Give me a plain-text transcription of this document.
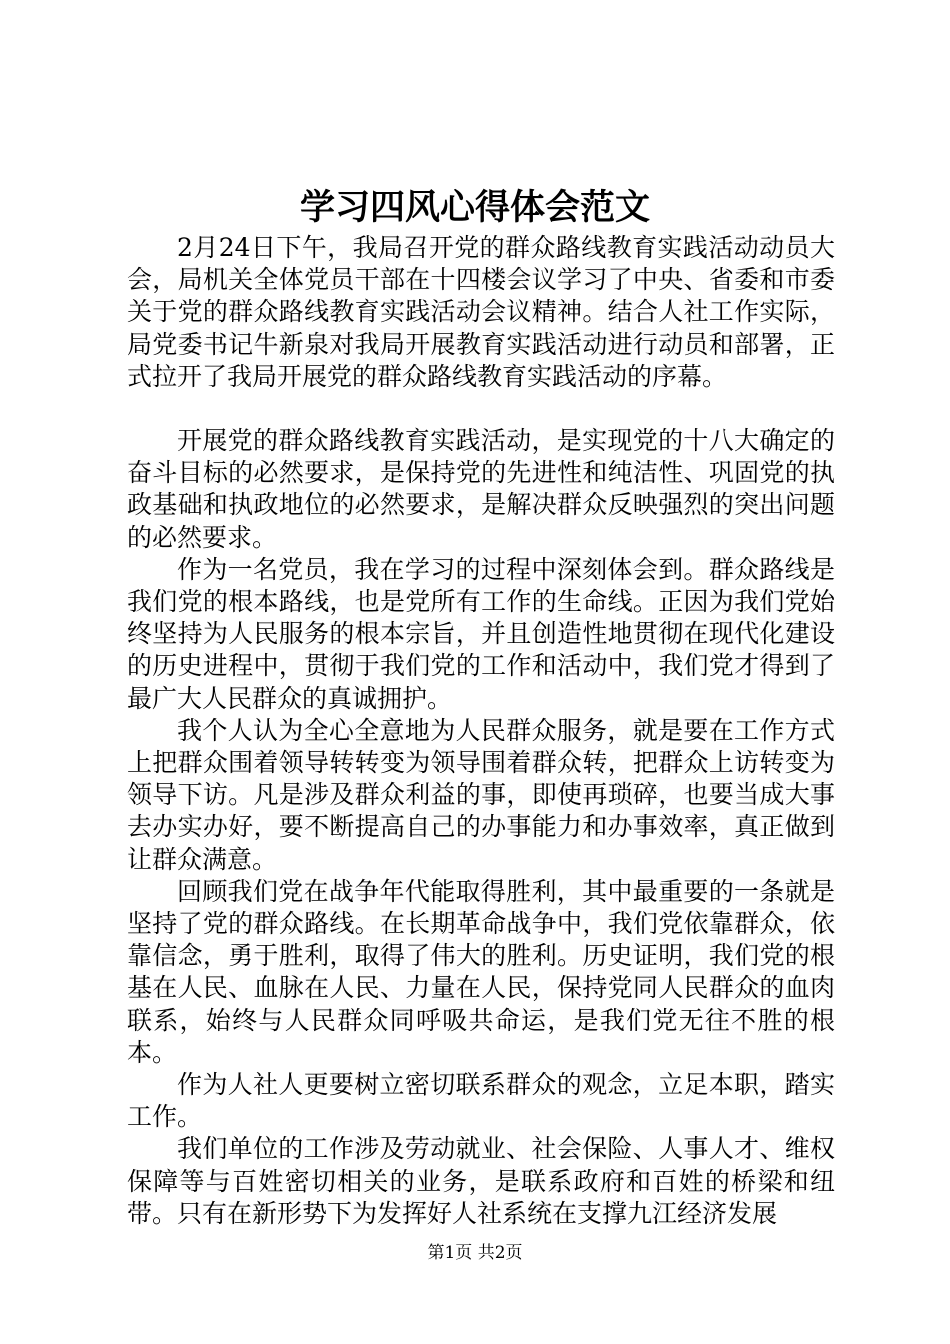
学习四风心得体会范文

2月24日下午，我局召开党的群众路线教育实践活动动员大会，局机关全体党员干部在十四楼会议学习了中央、省委和市委关于党的群众路线教育实践活动会议精神。结合人社工作实际，局党委书记牛新泉对我局开展教育实践活动进行动员和部署，正式拉开了我局开展党的群众路线教育实践活动的序幕。

开展党的群众路线教育实践活动，是实现党的十八大确定的奋斗目标的必然要求，是保持党的先进性和纯洁性、巩固党的执政基础和执政地位的必然要求，是解决群众反映强烈的突出问题的必然要求。

作为一名党员，我在学习的过程中深刻体会到。群众路线是我们党的根本路线，也是党所有工作的生命线。正因为我们党始终坚持为人民服务的根本宗旨，并且创造性地贯彻在现代化建设的历史进程中，贯彻于我们党的工作和活动中，我们党才得到了最广大人民群众的真诚拥护。

我个人认为全心全意地为人民群众服务，就是要在工作方式上把群众围着领导转转变为领导围着群众转，把群众上访转变为领导下访。凡是涉及群众利益的事，即使再琐碎，也要当成大事去办实办好，要不断提高自己的办事能力和办事效率，真正做到让群众满意。

回顾我们党在战争年代能取得胜利，其中最重要的一条就是坚持了党的群众路线。在长期革命战争中，我们党依靠群众，依靠信念，勇于胜利，取得了伟大的胜利。历史证明，我们党的根基在人民、血脉在人民、力量在人民，保持党同人民群众的血肉联系，始终与人民群众同呼吸共命运，是我们党无往不胜的根本。

作为人社人更要树立密切联系群众的观念，立足本职，踏实工作。

我们单位的工作涉及劳动就业、社会保险、人事人才、维权保障等与百姓密切相关的业务，是联系政府和百姓的桥梁和纽带。只有在新形势下为发挥好人社系统在支撑九江经济发展

第1页 共2页
